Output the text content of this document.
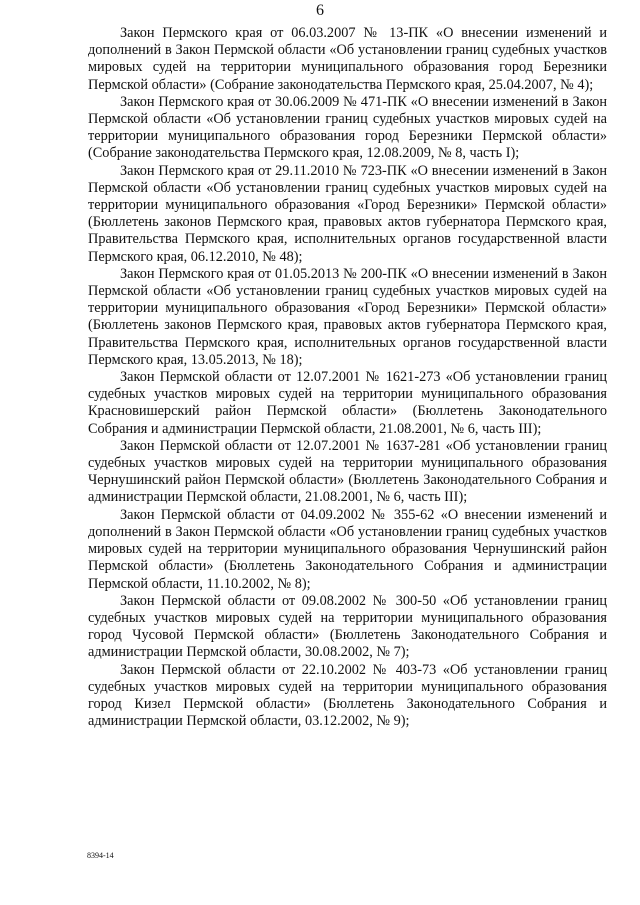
6

Закон Пермского края от 06.03.2007 № 13-ПК «О внесении изменений и дополнений в Закон Пермской области «Об установлении границ судебных участков мировых судей на территории муниципального образования город Березники Пермской области» (Собрание законодательства Пермского края, 25.04.2007, № 4);

Закон Пермского края от 30.06.2009 № 471-ПК «О внесении изменений в Закон Пермской области «Об установлении границ судебных участков мировых судей на территории муниципального образования город Березники Пермской области» (Собрание законодательства Пермского края, 12.08.2009, № 8, часть I);

Закон Пермского края от 29.11.2010 № 723-ПК «О внесении изменений в Закон Пермской области «Об установлении границ судебных участков мировых судей на территории муниципального образования «Город Березники» Пермской области» (Бюллетень законов Пермского края, правовых актов губернатора Пермского края, Правительства Пермского края, исполнительных органов государственной власти Пермского края, 06.12.2010, № 48);

Закон Пермского края от 01.05.2013 № 200-ПК «О внесении изменений в Закон Пермской области «Об установлении границ судебных участков мировых судей на территории муниципального образования «Город Березники» Пермской области» (Бюллетень законов Пермского края, правовых актов губернатора Пермского края, Правительства Пермского края, исполнительных органов государственной власти Пермского края, 13.05.2013, № 18);

Закон Пермской области от 12.07.2001 № 1621-273 «Об установлении границ судебных участков мировых судей на территории муниципального образования Красновишерский район Пермской области» (Бюллетень Законодательного Собрания и администрации Пермской области, 21.08.2001, № 6, часть III);

Закон Пермской области от 12.07.2001 № 1637-281 «Об установлении границ судебных участков мировых судей на территории муниципального образования Чернушинский район Пермской области» (Бюллетень Законодательного Собрания и администрации Пермской области, 21.08.2001, № 6, часть III);

Закон Пермской области от 04.09.2002 № 355-62 «О внесении изменений и дополнений в Закон Пермской области «Об установлении границ судебных участков мировых судей на территории муниципального образования Чернушинский район Пермской области» (Бюллетень Законодательного Собрания и администрации Пермской области, 11.10.2002, № 8);

Закон Пермской области от 09.08.2002 № 300-50 «Об установлении границ судебных участков мировых судей на территории муниципального образования город Чусовой Пермской области» (Бюллетень Законодательного Собрания и администрации Пермской области, 30.08.2002, № 7);

Закон Пермской области от 22.10.2002 № 403-73 «Об установлении границ судебных участков мировых судей на территории муниципального образования город Кизел Пермской области» (Бюллетень Законодательного Собрания и администрации Пермской области, 03.12.2002, № 9);

8394-14
